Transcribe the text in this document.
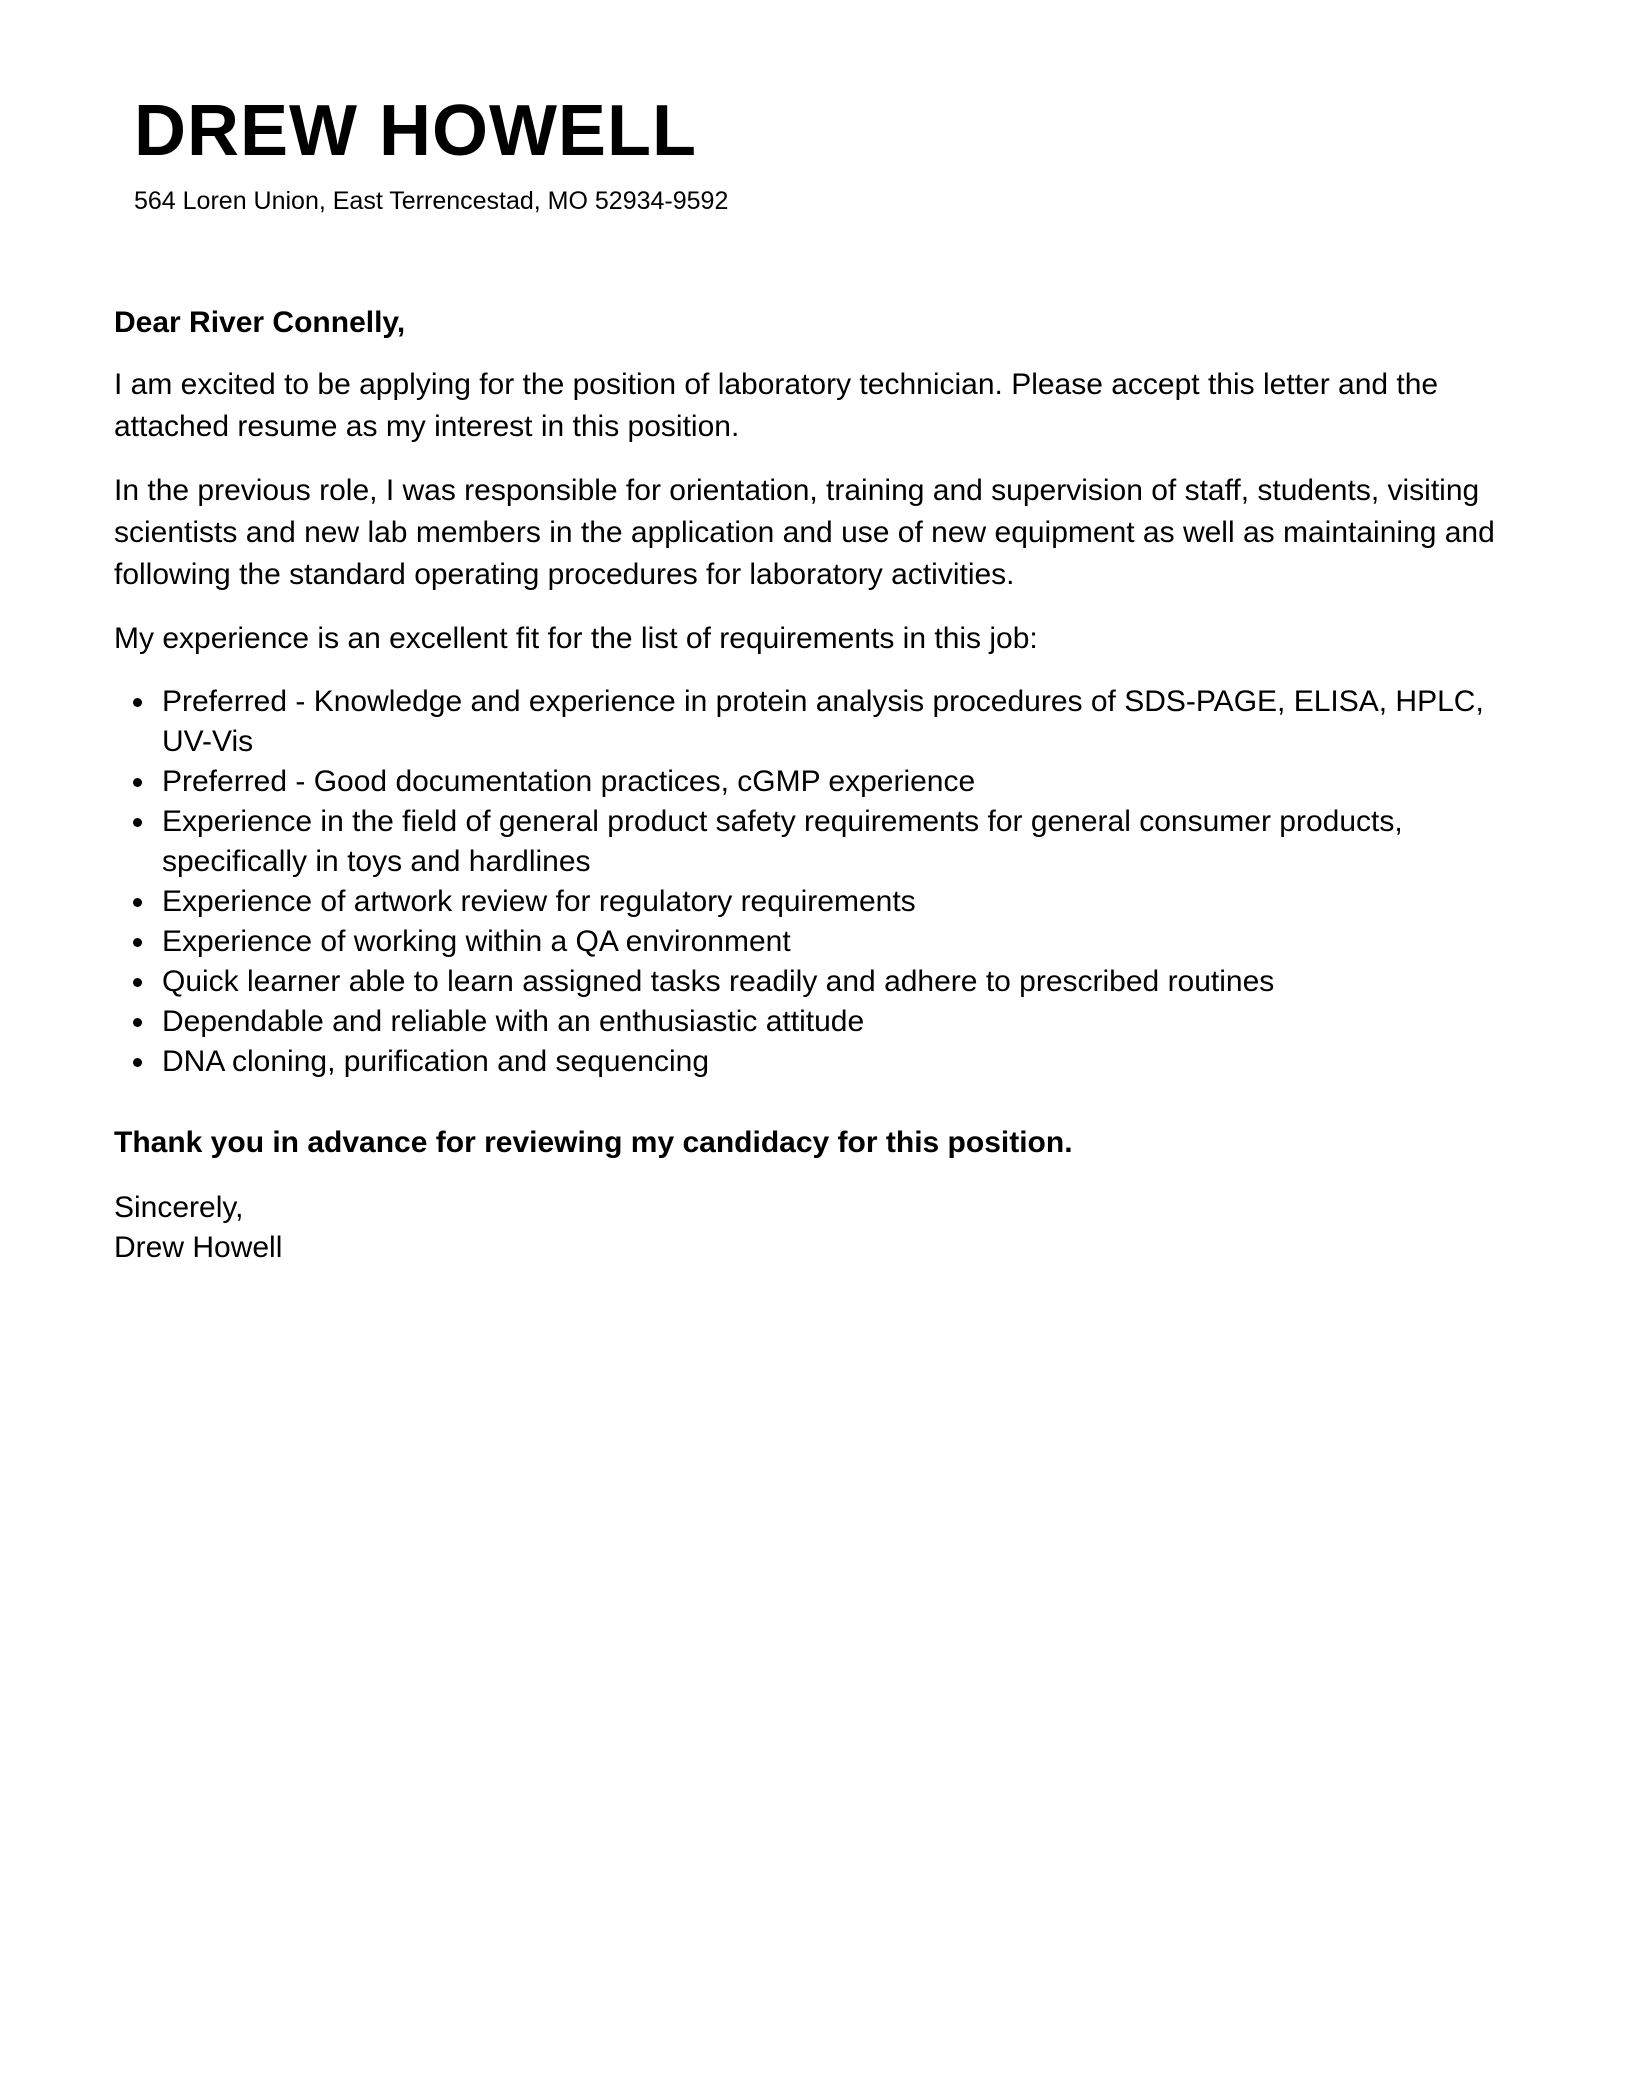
DREW HOWELL
564 Loren Union, East Terrencestad, MO 52934-9592

Dear River Connelly,

I am excited to be applying for the position of laboratory technician. Please accept this letter and the attached resume as my interest in this position.

In the previous role, I was responsible for orientation, training and supervision of staff, students, visiting scientists and new lab members in the application and use of new equipment as well as maintaining and following the standard operating procedures for laboratory activities.

My experience is an excellent fit for the list of requirements in this job:

Preferred - Knowledge and experience in protein analysis procedures of SDS-PAGE, ELISA, HPLC, UV-Vis
Preferred - Good documentation practices, cGMP experience
Experience in the field of general product safety requirements for general consumer products, specifically in toys and hardlines
Experience of artwork review for regulatory requirements
Experience of working within a QA environment
Quick learner able to learn assigned tasks readily and adhere to prescribed routines
Dependable and reliable with an enthusiastic attitude
DNA cloning, purification and sequencing

Thank you in advance for reviewing my candidacy for this position.

Sincerely,
Drew Howell
